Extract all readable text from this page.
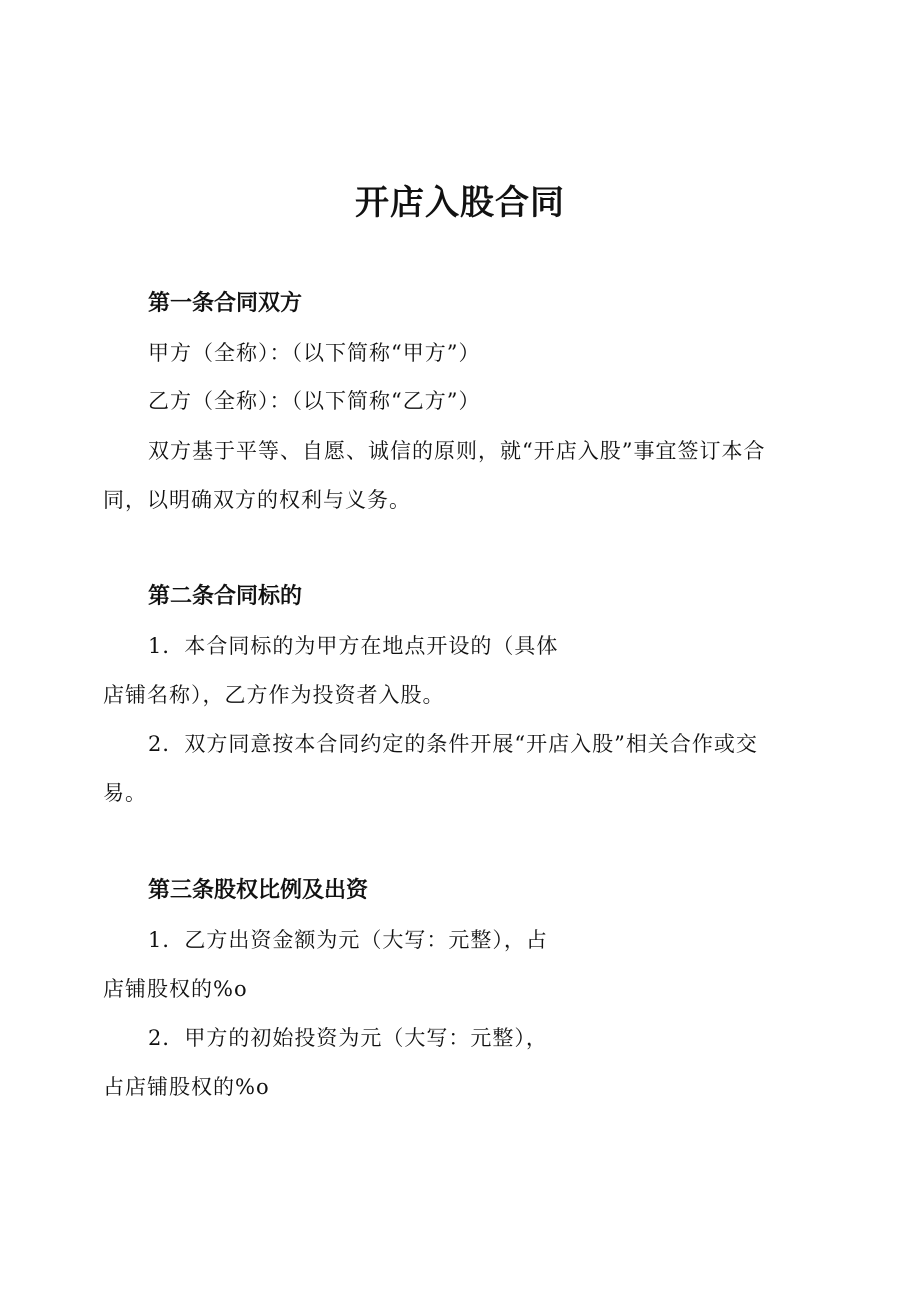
开店入股合同
第一条合同双方
甲方（全称）：（以下简称“甲方”）
乙方（全称）：（以下简称“乙方”）
双方基于平等、自愿、诚信的原则，就“开店入股”事宜签订本合
同，以明确双方的权利与义务。
第二条合同标的
1．本合同标的为甲方在地点开设的（具体
店铺名称），乙方作为投资者入股。
2．双方同意按本合同约定的条件开展“开店入股”相关合作或交
易。
第三条股权比例及出资
1．乙方出资金额为元（大写：元整），占
店铺股权的%o
2．甲方的初始投资为元（大写：元整），
占店铺股权的%o
